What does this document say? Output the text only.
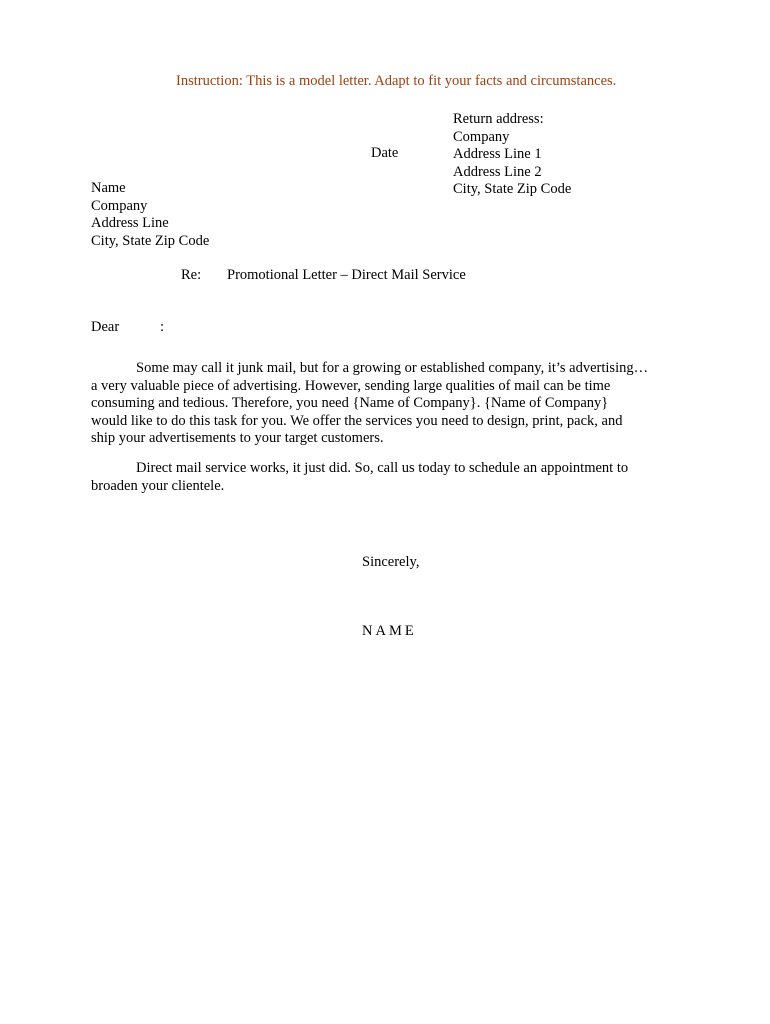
Instruction: This is a model letter. Adapt to fit your facts and circumstances.
Return address:
Company
Address Line 1
Address Line 2
City, State Zip Code
Date
Name
Company
Address Line
City, State Zip Code
Re: Promotional Letter – Direct Mail Service
Dear	:
Some may call it junk mail, but for a growing or established company, it’s advertising…
a very valuable piece of advertising. However, sending large qualities of mail can be time
consuming and tedious. Therefore, you need {Name of Company}. {Name of Company}
would like to do this task for you. We offer the services you need to design, print, pack, and
ship your advertisements to your target customers.
Direct mail service works, it just did. So, call us today to schedule an appointment to
broaden your clientele.
Sincerely,
NAME
